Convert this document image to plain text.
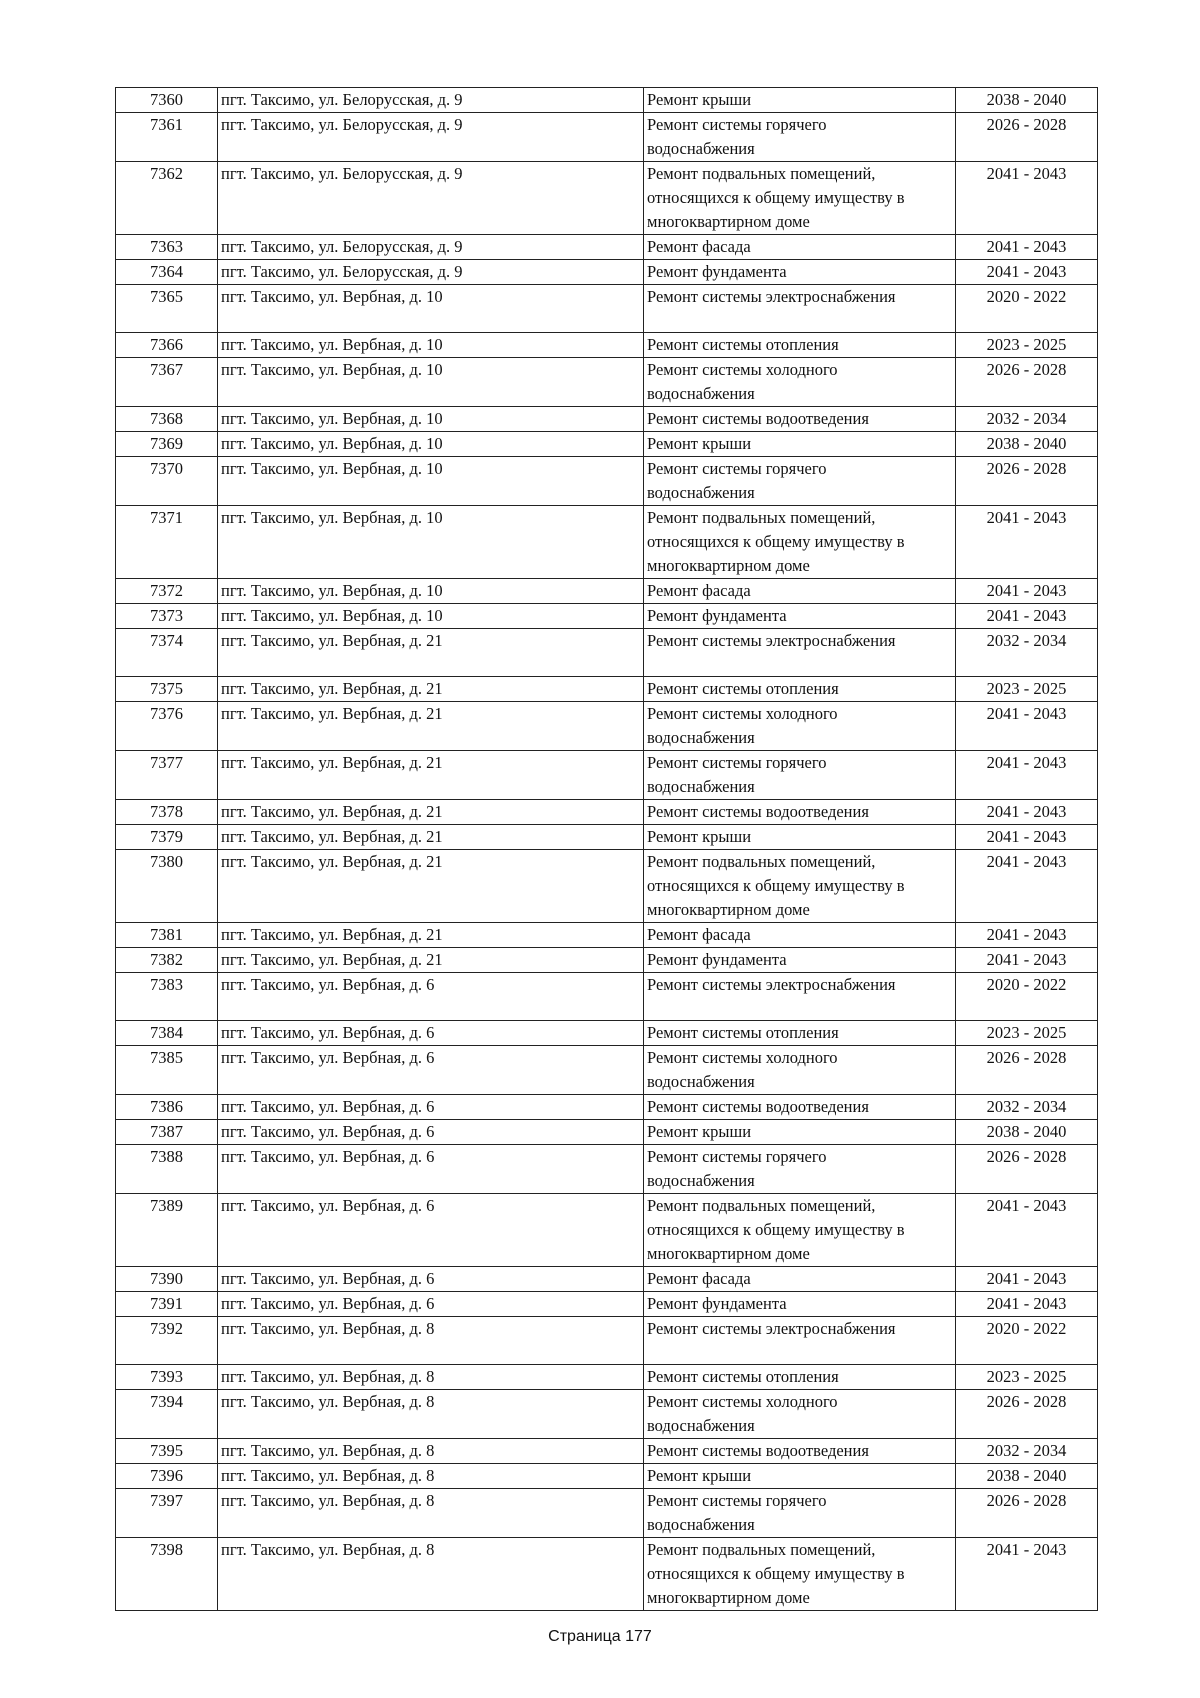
7360	пгт. Таксимо, ул. Белорусская, д. 9	Ремонт крыши	2038 - 2040
7361	пгт. Таксимо, ул. Белорусская, д. 9	Ремонт системы горячего
водоснабжения	2026 - 2028
7362	пгт. Таксимо, ул. Белорусская, д. 9	Ремонт подвальных помещений,
относящихся к общему имуществу в
многоквартирном доме	2041 - 2043
7363	пгт. Таксимо, ул. Белорусская, д. 9	Ремонт фасада	2041 - 2043
7364	пгт. Таксимо, ул. Белорусская, д. 9	Ремонт фундамента	2041 - 2043
7365	пгт. Таксимо, ул. Вербная, д. 10	Ремонт системы электроснабжения	2020 - 2022
7366	пгт. Таксимо, ул. Вербная, д. 10	Ремонт системы отопления	2023 - 2025
7367	пгт. Таксимо, ул. Вербная, д. 10	Ремонт системы холодного
водоснабжения	2026 - 2028
7368	пгт. Таксимо, ул. Вербная, д. 10	Ремонт системы водоотведения	2032 - 2034
7369	пгт. Таксимо, ул. Вербная, д. 10	Ремонт крыши	2038 - 2040
7370	пгт. Таксимо, ул. Вербная, д. 10	Ремонт системы горячего
водоснабжения	2026 - 2028
7371	пгт. Таксимо, ул. Вербная, д. 10	Ремонт подвальных помещений,
относящихся к общему имуществу в
многоквартирном доме	2041 - 2043
7372	пгт. Таксимо, ул. Вербная, д. 10	Ремонт фасада	2041 - 2043
7373	пгт. Таксимо, ул. Вербная, д. 10	Ремонт фундамента	2041 - 2043
7374	пгт. Таксимо, ул. Вербная, д. 21	Ремонт системы электроснабжения	2032 - 2034
7375	пгт. Таксимо, ул. Вербная, д. 21	Ремонт системы отопления	2023 - 2025
7376	пгт. Таксимо, ул. Вербная, д. 21	Ремонт системы холодного
водоснабжения	2041 - 2043
7377	пгт. Таксимо, ул. Вербная, д. 21	Ремонт системы горячего
водоснабжения	2041 - 2043
7378	пгт. Таксимо, ул. Вербная, д. 21	Ремонт системы водоотведения	2041 - 2043
7379	пгт. Таксимо, ул. Вербная, д. 21	Ремонт крыши	2041 - 2043
7380	пгт. Таксимо, ул. Вербная, д. 21	Ремонт подвальных помещений,
относящихся к общему имуществу в
многоквартирном доме	2041 - 2043
7381	пгт. Таксимо, ул. Вербная, д. 21	Ремонт фасада	2041 - 2043
7382	пгт. Таксимо, ул. Вербная, д. 21	Ремонт фундамента	2041 - 2043
7383	пгт. Таксимо, ул. Вербная, д. 6	Ремонт системы электроснабжения	2020 - 2022
7384	пгт. Таксимо, ул. Вербная, д. 6	Ремонт системы отопления	2023 - 2025
7385	пгт. Таксимо, ул. Вербная, д. 6	Ремонт системы холодного
водоснабжения	2026 - 2028
7386	пгт. Таксимо, ул. Вербная, д. 6	Ремонт системы водоотведения	2032 - 2034
7387	пгт. Таксимо, ул. Вербная, д. 6	Ремонт крыши	2038 - 2040
7388	пгт. Таксимо, ул. Вербная, д. 6	Ремонт системы горячего
водоснабжения	2026 - 2028
7389	пгт. Таксимо, ул. Вербная, д. 6	Ремонт подвальных помещений,
относящихся к общему имуществу в
многоквартирном доме	2041 - 2043
7390	пгт. Таксимо, ул. Вербная, д. 6	Ремонт фасада	2041 - 2043
7391	пгт. Таксимо, ул. Вербная, д. 6	Ремонт фундамента	2041 - 2043
7392	пгт. Таксимо, ул. Вербная, д. 8	Ремонт системы электроснабжения	2020 - 2022
7393	пгт. Таксимо, ул. Вербная, д. 8	Ремонт системы отопления	2023 - 2025
7394	пгт. Таксимо, ул. Вербная, д. 8	Ремонт системы холодного
водоснабжения	2026 - 2028
7395	пгт. Таксимо, ул. Вербная, д. 8	Ремонт системы водоотведения	2032 - 2034
7396	пгт. Таксимо, ул. Вербная, д. 8	Ремонт крыши	2038 - 2040
7397	пгт. Таксимо, ул. Вербная, д. 8	Ремонт системы горячего
водоснабжения	2026 - 2028
7398	пгт. Таксимо, ул. Вербная, д. 8	Ремонт подвальных помещений,
относящихся к общему имуществу в
многоквартирном доме	2041 - 2043
Страница 177
